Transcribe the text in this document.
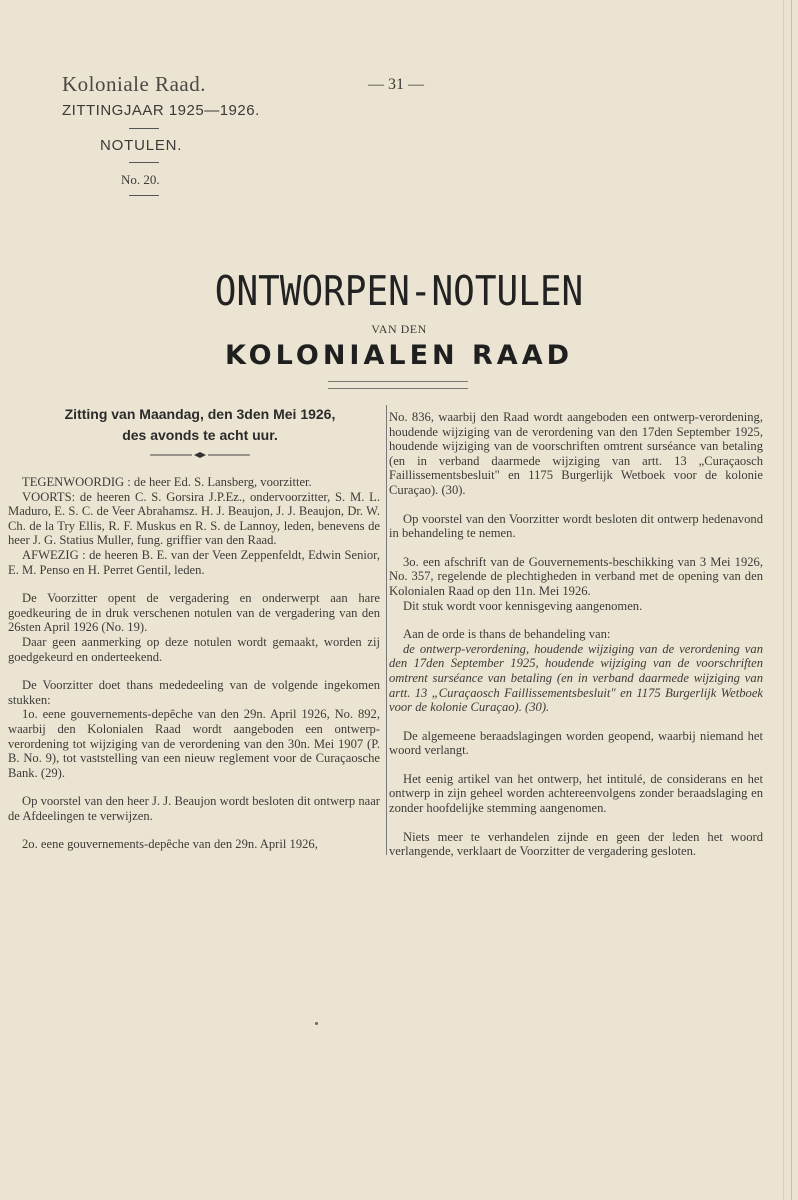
Koloniale Raad.	— 31 —
ZITTINGJAAR 1925—1926.
NOTULEN.
No. 20.
ONTWORPEN-NOTULEN
VAN DEN
KOLONIALEN RAAD
Zitting van Maandag, den 3den Mei 1926,
des avonds te acht uur.

TEGENWOORDIG : de heer Ed. S. Lansberg, voorzitter.

VOORTS: de heeren C. S. Gorsira J.P.Ez., ondervoorzitter, S. M. L. Maduro, E. S. C. de Veer Abrahamsz. H. J. Beaujon, J. J. Beaujon, Dr. W. Ch. de la Try Ellis, R. F. Muskus en R. S. de Lannoy, leden, benevens de heer J. G. Statius Muller, fung. griffier van den Raad.

AFWEZIG : de heeren B. E. van der Veen Zeppenfeldt, Edwin Senior, E. M. Penso en H. Perret Gentil, leden.

De Voorzitter opent de vergadering en onderwerpt aan hare goedkeuring de in druk verschenen notulen van de vergadering van den 26sten April 1926 (No. 19).

Daar geen aanmerking op deze notulen wordt gemaakt, worden zij goedgekeurd en onderteekend.

De Voorzitter doet thans mededeeling van de volgende ingekomen stukken:

1o. eene gouvernements-depêche van den 29n. April 1926, No. 892, waarbij den Kolonialen Raad wordt aangeboden een ontwerp-verordening tot wijziging van de verordening van den 30n. Mei 1907 (P. B. No. 9), tot vaststelling van een nieuw reglement voor de Curaçaosche Bank. (29).

Op voorstel van den heer J. J. Beaujon wordt besloten dit ontwerp naar de Afdeelingen te verwijzen.

2o. eene gouvernements-depêche van den 29n. April 1926,

No. 836, waarbij den Raad wordt aangeboden een ontwerp-verordening, houdende wijziging van de verordening van den 17den September 1925, houdende wijziging van de voorschriften omtrent surséance van betaling (en in verband daarmede wijziging van artt. 13 „Curaçaosch Faillissementsbesluit" en 1175 Burgerlijk Wetboek voor de kolonie Curaçao). (30).

Op voorstel van den Voorzitter wordt besloten dit ontwerp hedenavond in behandeling te nemen.

3o. een afschrift van de Gouvernements-beschikking van 3 Mei 1926, No. 357, regelende de plechtigheden in verband met de opening van den Kolonialen Raad op den 11n. Mei 1926.

Dit stuk wordt voor kennisgeving aangenomen.

Aan de orde is thans de behandeling van:

de ontwerp-verordening, houdende wijziging van de verordening van den 17den September 1925, houdende wijziging van de voorschriften omtrent surséance van betaling (en in verband daarmede wijziging van artt. 13 „Curaçaosch Faillissementsbesluit" en 1175 Burgerlijk Wetboek voor de kolonie Curaçao). (30).

De algemeene beraadslagingen worden geopend, waarbij niemand het woord verlangt.

Het eenig artikel van het ontwerp, het intitulé, de considerans en het ontwerp in zijn geheel worden achtereenvolgens zonder beraadslaging en zonder hoofdelijke stemming aangenomen.

Niets meer te verhandelen zijnde en geen der leden het woord verlangende, verklaart de Voorzitter de vergadering gesloten.
